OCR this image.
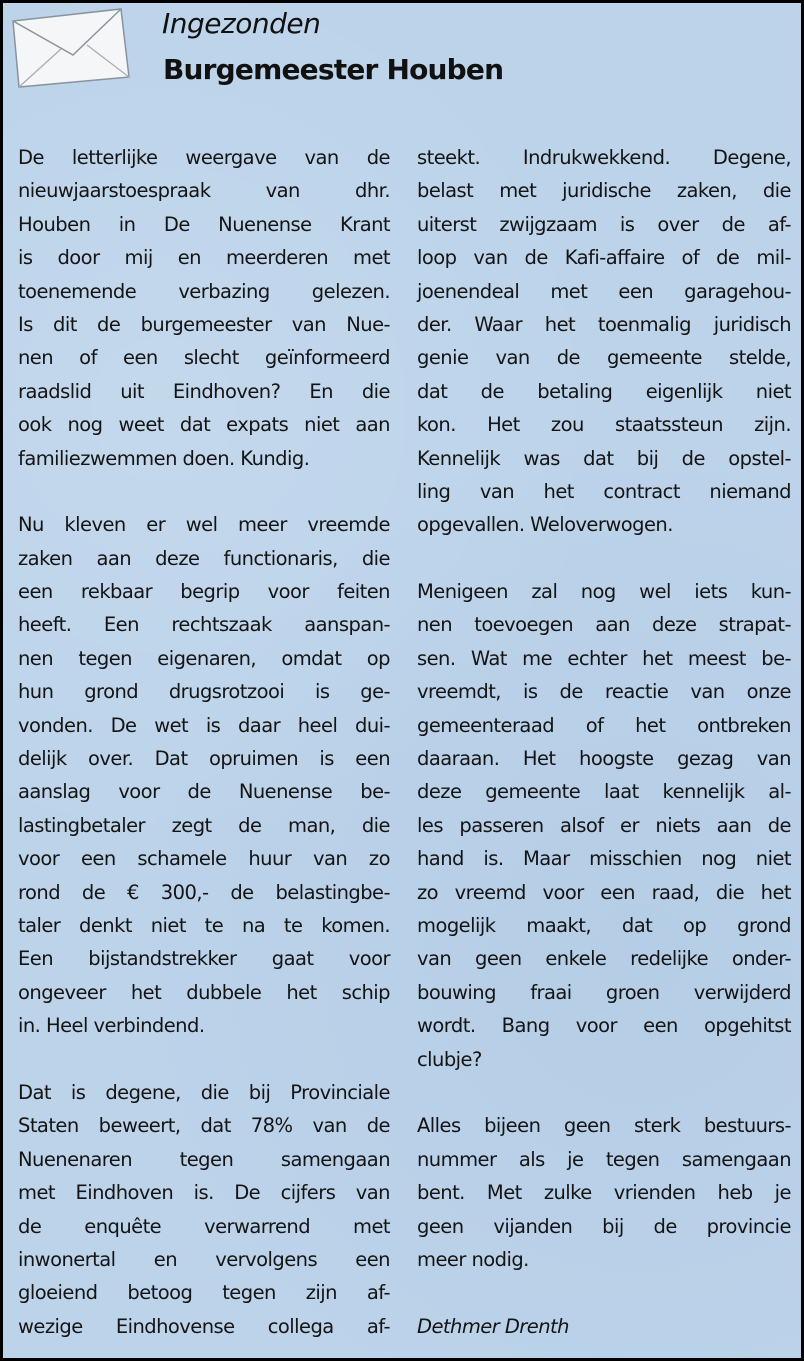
Ingezonden
Burgemeester Houben
De letterlijke weergave van de
nieuwjaarstoespraak van dhr.
Houben in De Nuenense Krant
is door mij en meerderen met
toenemende verbazing gelezen.
Is dit de burgemeester van Nue-
nen of een slecht geïnformeerd
raadslid uit Eindhoven? En die
ook nog weet dat expats niet aan
familiezwemmen doen. Kundig.
Nu kleven er wel meer vreemde
zaken aan deze functionaris, die
een rekbaar begrip voor feiten
heeft. Een rechtszaak aanspan-
nen tegen eigenaren, omdat op
hun grond drugsrotzooi is ge-
vonden. De wet is daar heel dui-
delijk over. Dat opruimen is een
aanslag voor de Nuenense be-
lastingbetaler zegt de man, die
voor een schamele huur van zo
rond de € 300,- de belastingbe-
taler denkt niet te na te komen.
Een bijstandstrekker gaat voor
ongeveer het dubbele het schip
in. Heel verbindend.
Dat is degene, die bij Provinciale
Staten beweert, dat 78% van de
Nuenenaren tegen samengaan
met Eindhoven is. De cijfers van
de enquête verwarrend met
inwonertal en vervolgens een
gloeiend betoog tegen zijn af-
wezige Eindhovense collega af-
steekt. Indrukwekkend. Degene,
belast met juridische zaken, die
uiterst zwijgzaam is over de af-
loop van de Kafi-affaire of de mil-
joenendeal met een garagehou-
der. Waar het toenmalig juridisch
genie van de gemeente stelde,
dat de betaling eigenlijk niet
kon. Het zou staatssteun zijn.
Kennelijk was dat bij de opstel-
ling van het contract niemand
opgevallen. Weloverwogen.
Menigeen zal nog wel iets kun-
nen toevoegen aan deze strapat-
sen. Wat me echter het meest be-
vreemdt, is de reactie van onze
gemeenteraad of het ontbreken
daaraan. Het hoogste gezag van
deze gemeente laat kennelijk al-
les passeren alsof er niets aan de
hand is. Maar misschien nog niet
zo vreemd voor een raad, die het
mogelijk maakt, dat op grond
van geen enkele redelijke onder-
bouwing fraai groen verwijderd
wordt. Bang voor een opgehitst
clubje?
Alles bijeen geen sterk bestuurs-
nummer als je tegen samengaan
bent. Met zulke vrienden heb je
geen vijanden bij de provincie
meer nodig.
Dethmer Drenth
